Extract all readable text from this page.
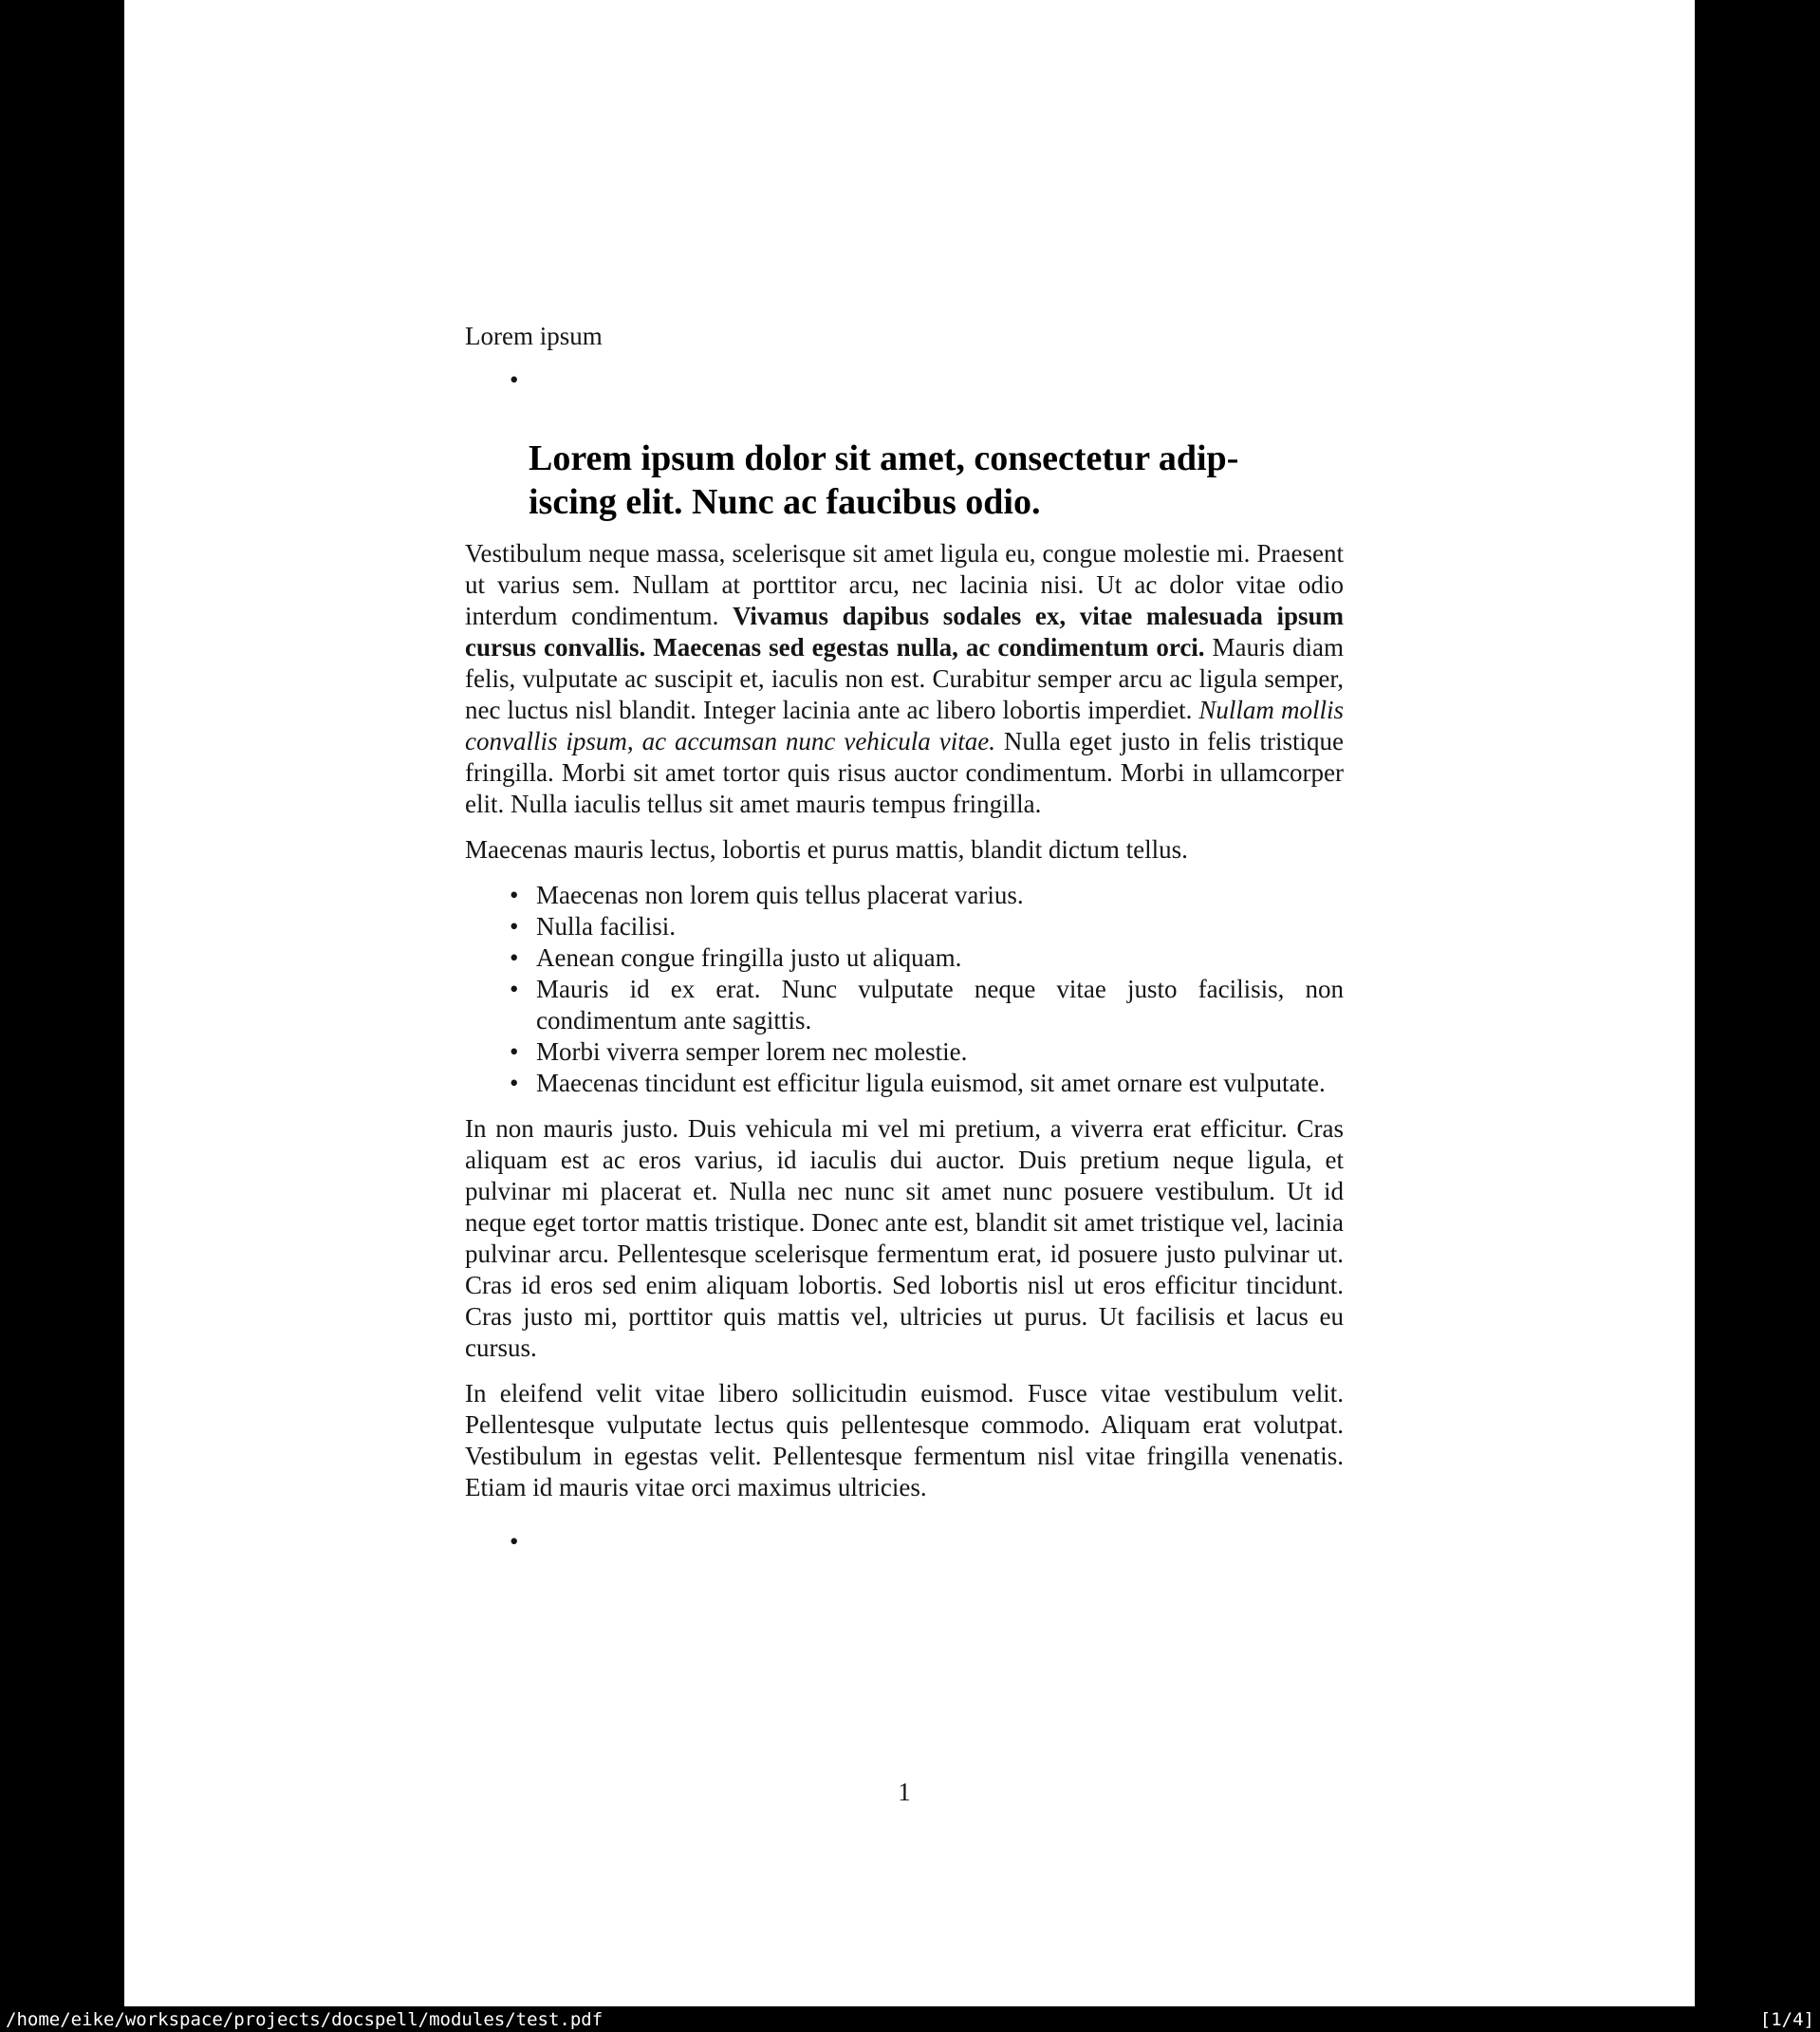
Lorem ipsum

•
Lorem ipsum dolor sit amet, consectetur adip-
iscing elit. Nunc ac faucibus odio.

Vestibulum neque massa, scelerisque sit amet ligula eu, congue molestie mi. Praesent ut varius sem. Nullam at porttitor arcu, nec lacinia nisi. Ut ac dolor vitae odio interdum condimentum. Vivamus dapibus sodales ex, vitae malesuada ipsum cursus convallis. Maecenas sed egestas nulla, ac condimentum orci. Mauris diam felis, vulputate ac suscipit et, iaculis non est. Curabitur semper arcu ac ligula semper, nec luctus nisl blandit. Integer lacinia ante ac libero lobortis imperdiet. Nullam mollis convallis ipsum, ac accumsan nunc vehicula vitae. Nulla eget justo in felis tristique fringilla. Morbi sit amet tortor quis risus auctor condimentum. Morbi in ullamcorper elit. Nulla iaculis tellus sit amet mauris tempus fringilla.

Maecenas mauris lectus, lobortis et purus mattis, blandit dictum tellus.

• Maecenas non lorem quis tellus placerat varius.
• Nulla facilisi.
• Aenean congue fringilla justo ut aliquam.
• Mauris id ex erat. Nunc vulputate neque vitae justo facilisis, non condimentum ante sagittis.
• Morbi viverra semper lorem nec molestie.
• Maecenas tincidunt est efficitur ligula euismod, sit amet ornare est vulputate.

In non mauris justo. Duis vehicula mi vel mi pretium, a viverra erat efficitur. Cras aliquam est ac eros varius, id iaculis dui auctor. Duis pretium neque ligula, et pulvinar mi placerat et. Nulla nec nunc sit amet nunc posuere vestibulum. Ut id neque eget tortor mattis tristique. Donec ante est, blandit sit amet tristique vel, lacinia pulvinar arcu. Pellentesque scelerisque fermentum erat, id posuere justo pulvinar ut. Cras id eros sed enim aliquam lobortis. Sed lobortis nisl ut eros efficitur tincidunt. Cras justo mi, porttitor quis mattis vel, ultricies ut purus. Ut facilisis et lacus eu cursus.

In eleifend velit vitae libero sollicitudin euismod. Fusce vitae vestibulum velit. Pellentesque vulputate lectus quis pellentesque commodo. Aliquam erat volutpat. Vestibulum in egestas velit. Pellentesque fermentum nisl vitae fringilla venenatis. Etiam id mauris vitae orci maximus ultricies.

•
1
/home/eike/workspace/projects/docspell/modules/test.pdf	[1/4]
